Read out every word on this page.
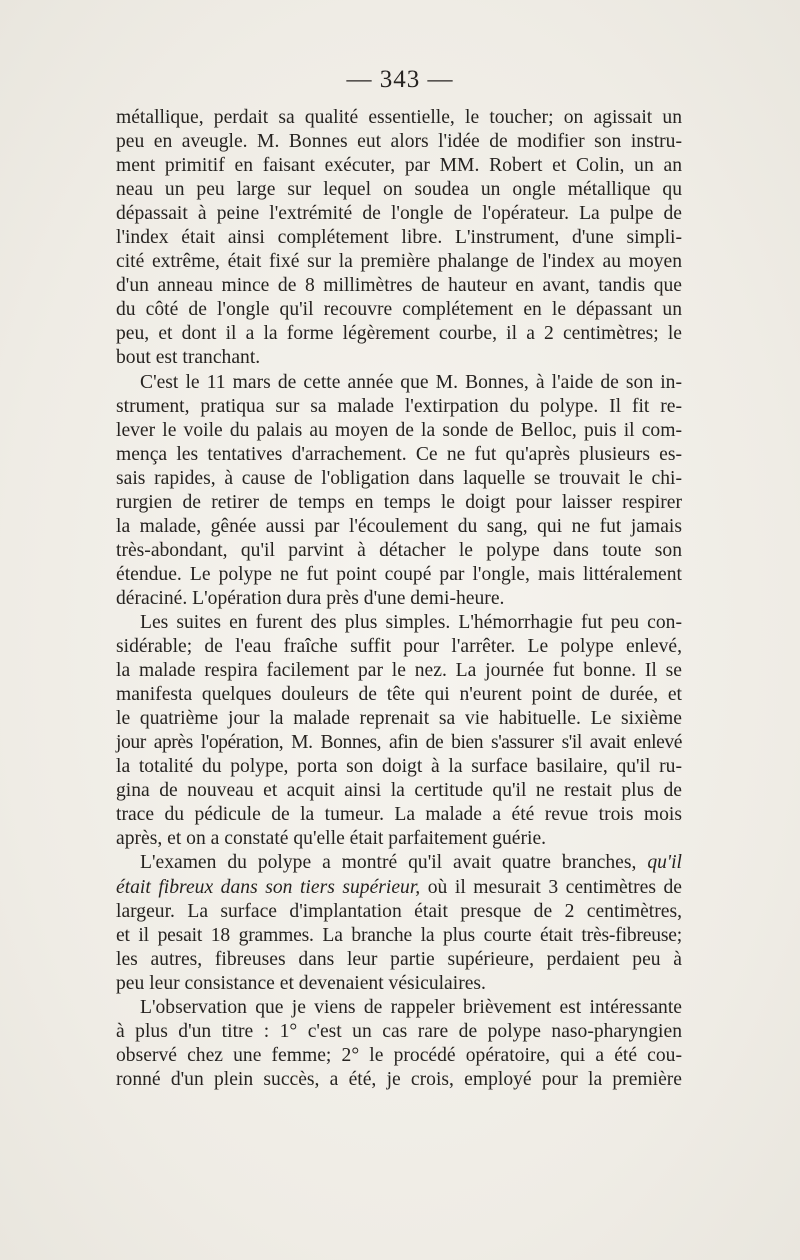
— 343 —
métallique, perdait sa qualité essentielle, le toucher; on agissait un
peu en aveugle. M. Bonnes eut alors l'idée de modifier son instru-
ment primitif en faisant exécuter, par MM. Robert et Colin, un an
neau un peu large sur lequel on soudea un ongle métallique qu
dépassait à peine l'extrémité de l'ongle de l'opérateur. La pulpe de
l'index était ainsi complétement libre. L'instrument, d'une simpli-
cité extrême, était fixé sur la première phalange de l'index au moyen
d'un anneau mince de 8 millimètres de hauteur en avant, tandis que
du côté de l'ongle qu'il recouvre complétement en le dépassant un
peu, et dont il a la forme légèrement courbe, il a 2 centimètres; le
bout est tranchant.
C'est le 11 mars de cette année que M. Bonnes, à l'aide de son in-
strument, pratiqua sur sa malade l'extirpation du polype. Il fit re-
lever le voile du palais au moyen de la sonde de Belloc, puis il com-
mença les tentatives d'arrachement. Ce ne fut qu'après plusieurs es-
sais rapides, à cause de l'obligation dans laquelle se trouvait le chi-
rurgien de retirer de temps en temps le doigt pour laisser respirer
la malade, gênée aussi par l'écoulement du sang, qui ne fut jamais
très-abondant, qu'il parvint à détacher le polype dans toute son
étendue. Le polype ne fut point coupé par l'ongle, mais littéralement
déraciné. L'opération dura près d'une demi-heure.
Les suites en furent des plus simples. L'hémorrhagie fut peu con-
sidérable; de l'eau fraîche suffit pour l'arrêter. Le polype enlevé,
la malade respira facilement par le nez. La journée fut bonne. Il se
manifesta quelques douleurs de tête qui n'eurent point de durée, et
le quatrième jour la malade reprenait sa vie habituelle. Le sixième
jour après l'opération, M. Bonnes, afin de bien s'assurer s'il avait enlevé
la totalité du polype, porta son doigt à la surface basilaire, qu'il ru-
gina de nouveau et acquit ainsi la certitude qu'il ne restait plus de
trace du pédicule de la tumeur. La malade a été revue trois mois
après, et on a constaté qu'elle était parfaitement guérie.
L'examen du polype a montré qu'il avait quatre branches, qu'il
était fibreux dans son tiers supérieur, où il mesurait 3 centimètres de
largeur. La surface d'implantation était presque de 2 centimètres,
et il pesait 18 grammes. La branche la plus courte était très-fibreuse;
les autres, fibreuses dans leur partie supérieure, perdaient peu à
peu leur consistance et devenaient vésiculaires.
L'observation que je viens de rappeler brièvement est intéressante
à plus d'un titre : 1° c'est un cas rare de polype naso-pharyngien
observé chez une femme; 2° le procédé opératoire, qui a été cou-
ronné d'un plein succès, a été, je crois, employé pour la première
